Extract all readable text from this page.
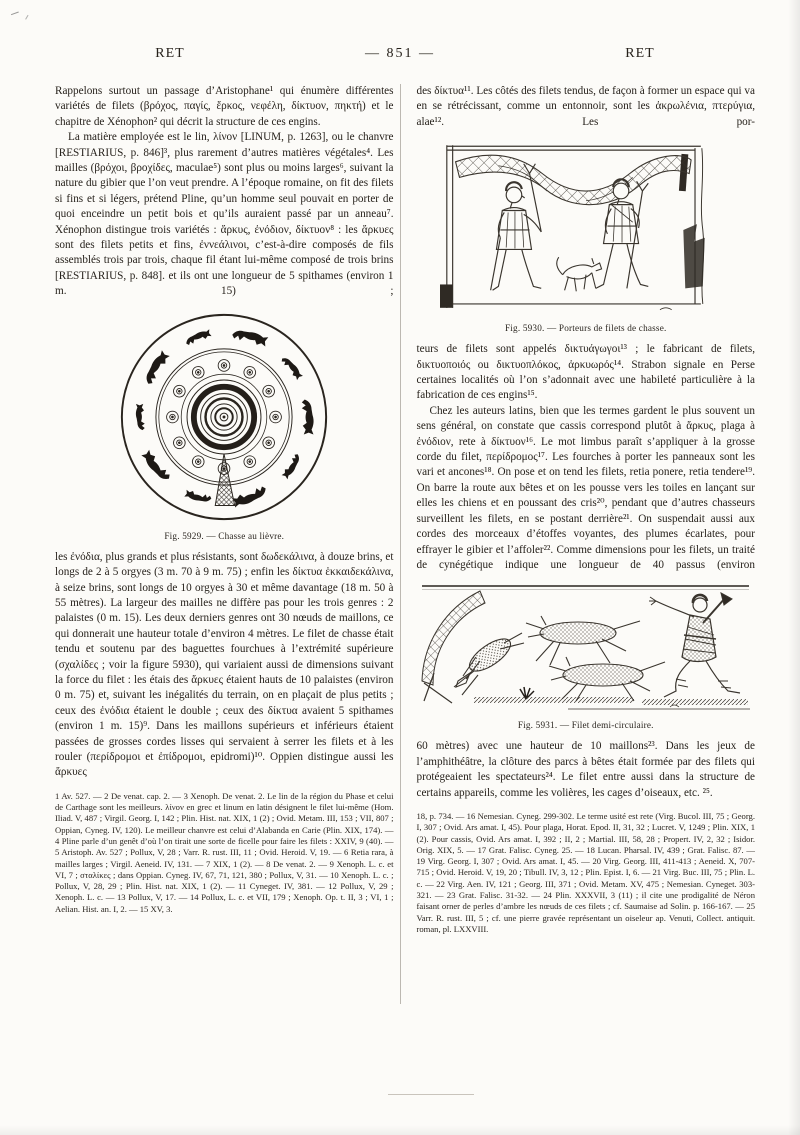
RET	— 851 —	RET

Rappelons surtout un passage d’Aristophane¹ qui énumère différentes variétés de filets (βρόχος, παγίς, ἕρκος, νεφέλη, δίκτυον, πηκτή) et le chapitre de Xénophon² qui décrit la structure de ces engins.

La matière employée est le lin, λίνον [LINUM, p. 1263], ou le chanvre [RESTIARIUS, p. 846]³, plus rarement d’autres matières végétales⁴. Les mailles (βρόχοι, βροχίδες, maculae⁵) sont plus ou moins larges⁶, suivant la nature du gibier que l’on veut prendre. A l’époque romaine, on fit des filets si fins et si légers, prétend Pline, qu’un homme seul pouvait en porter de quoi enceindre un petit bois et qu’ils auraient passé par un anneau⁷. Xénophon distingue trois variétés : ἄρκυς, ἐνόδιον, δίκτυον⁸ : les ἄρκυες sont des filets petits et fins, ἐννεάλινοι, c’est-à-dire composés de fils assemblés trois par trois, chaque fil étant lui-même composé de trois brins [RESTIARIUS, p. 848]. et ils ont une longueur de 5 spithames (environ 1 m. 15) ;

Fig. 5929. — Chasse au lièvre.

les ἐνόδια, plus grands et plus résistants, sont δωδεκάλινα, à douze brins, et longs de 2 à 5 orgyes (3 m. 70 à 9 m. 75) ; enfin les δίκτυα ἑκκαιδεκάλινα, à seize brins, sont longs de 10 orgyes à 30 et même davantage (18 m. 50 à 55 mètres). La largeur des mailles ne diffère pas pour les trois genres : 2 palaistes (0 m. 15). Les deux derniers genres ont 30 nœuds de maillons, ce qui donnerait une hauteur totale d’environ 4 mètres. Le filet de chasse était tendu et soutenu par des baguettes fourchues à l’extrémité supérieure (σχαλίδες ; voir la figure 5930), qui variaient aussi de dimensions suivant la force du filet : les étais des ἄρκυες étaient hauts de 10 palaistes (environ 0 m. 75) et, suivant les inégalités du terrain, on en plaçait de plus petits ; ceux des ἐνόδια étaient le double ; ceux des δίκτυα avaient 5 spithames (environ 1 m. 15)⁹. Dans les maillons supérieurs et inférieurs étaient passées de grosses cordes lisses qui servaient à serrer les filets et à les rouler (περίδρομοι et ἐπίδρομοι, epidromi)¹⁰. Oppien distingue aussi les ἄρκυες

1 Av. 527. — 2 De venat. cap. 2. — 3 Xenoph. De venat. 2. Le lin de la région du Phase et celui de Carthage sont les meilleurs. λίνον en grec et linum en latin désignent le filet lui-même (Hom. Iliad. V, 487 ; Virgil. Georg. I, 142 ; Plin. Hist. nat. XIX, 1 (2) ; Ovid. Metam. III, 153 ; VII, 807 ; Oppian, Cyneg. IV, 120). Le meilleur chanvre est celui d’Alabanda en Carie (Plin. XIX, 174). — 4 Pline parle d’un genêt d’où l’on tirait une sorte de ficelle pour faire les filets : XXIV, 9 (40). — 5 Aristoph. Av. 527 ; Pollux, V, 28 ; Varr. R. rust. III, 11 ; Ovid. Heroid. V, 19. — 6 Retia rara, à mailles larges ; Virgil. Aeneid. IV, 131. — 7 XIX, 1 (2). — 8 De venat. 2. — 9 Xenoph. L. c. et VI, 7 ; σταλίκες ; dans Oppian. Cyneg. IV, 67, 71, 121, 380 ; Pollux, V, 31. — 10 Xenoph. L. c. ; Pollux, V, 28, 29 ; Plin. Hist. nat. XIX, 1 (2). — 11 Cyneget. IV, 381. — 12 Pollux, V, 29 ; Xenoph. L. c. — 13 Pollux, V, 17. — 14 Pollux, L. c. et VII, 179 ; Xenoph. Op. t. II, 3 ; VI, 1 ; Aelian. Hist. an. I, 2. — 15 XV, 3.

des δίκτυα¹¹. Les côtés des filets tendus, de façon à former un espace qui va en se rétrécissant, comme un entonnoir, sont les ἀκρωλένια, πτερύγια, alae¹². Les por-

Fig. 5930. — Porteurs de filets de chasse.

teurs de filets sont appelés δικτυάγωγοι¹³ ; le fabricant de filets, δικτυοποιός ou δικτυοπλόκος, ἀρκυωρός¹⁴. Strabon signale en Perse certaines localités où l’on s’adonnait avec une habileté particulière à la fabrication de ces engins¹⁵.

Chez les auteurs latins, bien que les termes gardent le plus souvent un sens général, on constate que cassis correspond plutôt à ἄρκυς, plaga à ἐνόδιον, rete à δίκτυον¹⁶. Le mot limbus paraît s’appliquer à la grosse corde du filet, περίδρομος¹⁷. Les fourches à porter les panneaux sont les vari et ancones¹⁸. On pose et on tend les filets, retia ponere, retia tendere¹⁹. On barre la route aux bêtes et on les pousse vers les toiles en lançant sur elles les chiens et en poussant des cris²⁰, pendant que d’autres chasseurs surveillent les filets, en se postant derrière²¹. On suspendait aussi aux cordes des morceaux d’étoffes voyantes, des plumes écarlates, pour effrayer le gibier et l’affoler²². Comme dimensions pour les filets, un traité de cynégétique indique une longueur de 40 passus (environ

Fig. 5931. — Filet demi-circulaire.

60 mètres) avec une hauteur de 10 maillons²³. Dans les jeux de l’amphithéâtre, la clôture des parcs à bêtes était formée par des filets qui protégeaient les spectateurs²⁴. Le filet entre aussi dans la structure de certains appareils, comme les volières, les cages d’oiseaux, etc. ²⁵.

18, p. 734. — 16 Nemesian. Cyneg. 299-302. Le terme usité est rete (Virg. Bucol. III, 75 ; Georg. I, 307 ; Ovid. Ars amat. I, 45). Pour plaga, Horat. Epod. II, 31, 32 ; Lucret. V, 1249 ; Plin. XIX, 1 (2). Pour cassis, Ovid. Ars amat. I, 392 ; II, 2 ; Martial. III, 58, 28 ; Propert. IV, 2, 32 ; Isidor. Orig. XIX, 5. — 17 Grat. Falisc. Cyneg. 25. — 18 Lucan. Pharsal. IV, 439 ; Grat. Falisc. 87. — 19 Virg. Georg. I, 307 ; Ovid. Ars amat. I, 45. — 20 Virg. Georg. III, 411-413 ; Aeneid. X, 707-715 ; Ovid. Heroid. V, 19, 20 ; Tibull. IV, 3, 12 ; Plin. Epist. I, 6. — 21 Virg. Buc. III, 75 ; Plin. L. c. — 22 Virg. Aen. IV, 121 ; Georg. III, 371 ; Ovid. Metam. XV, 475 ; Nemesian. Cyneget. 303-321. — 23 Grat. Falisc. 31-32. — 24 Plin. XXXVII, 3 (11) ; il cite une prodigalité de Néron faisant orner de perles d’ambre les nœuds de ces filets ; cf. Saumaise ad Solin. p. 166-167. — 25 Varr. R. rust. III, 5 ; cf. une pierre gravée représentant un oiseleur ap. Venuti, Collect. antiquit. roman, pl. LXXVIII.
